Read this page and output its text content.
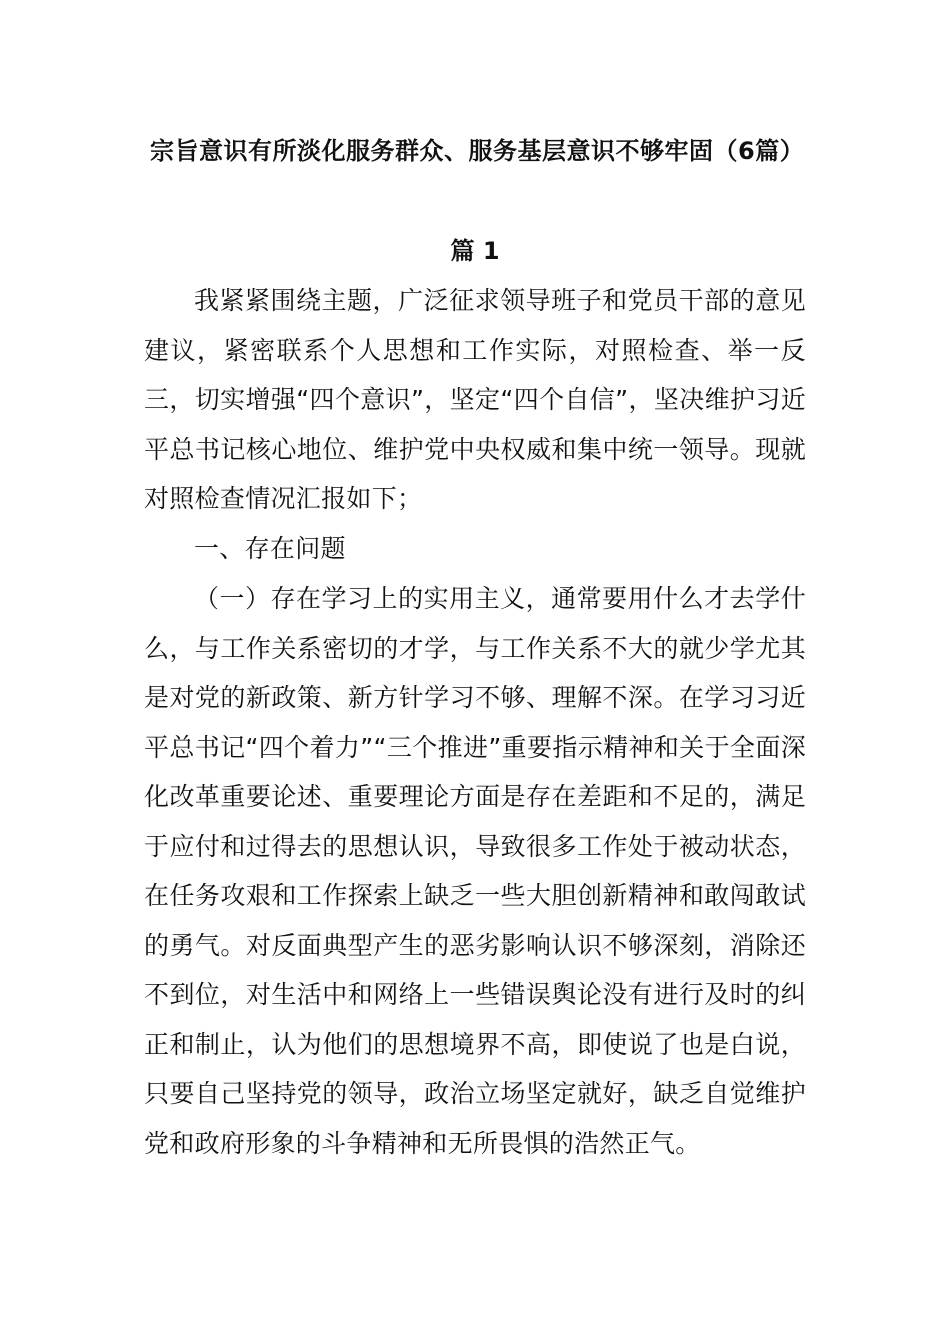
宗旨意识有所淡化服务群众、服务基层意识不够牢固（6篇）
篇 1

我紧紧围绕主题，广泛征求领导班子和党员干部的意见建议，紧密联系个人思想和工作实际，对照检查、举一反三，切实增强“四个意识”，坚定“四个自信”，坚决维护习近平总书记核心地位、维护党中央权威和集中统一领导。现就对照检查情况汇报如下；

一、存在问题

（一）存在学习上的实用主义，通常要用什么才去学什么，与工作关系密切的才学，与工作关系不大的就少学尤其是对党的新政策、新方针学习不够、理解不深。在学习习近平总书记“四个着力”“三个推进”重要指示精神和关于全面深化改革重要论述、重要理论方面是存在差距和不足的，满足于应付和过得去的思想认识，导致很多工作处于被动状态，在任务攻艰和工作探索上缺乏一些大胆创新精神和敢闯敢试的勇气。对反面典型产生的恶劣影响认识不够深刻，消除还不到位，对生活中和网络上一些错误舆论没有进行及时的纠正和制止，认为他们的思想境界不高，即使说了也是白说，只要自己坚持党的领导，政治立场坚定就好，缺乏自觉维护党和政府形象的斗争精神和无所畏惧的浩然正气。
